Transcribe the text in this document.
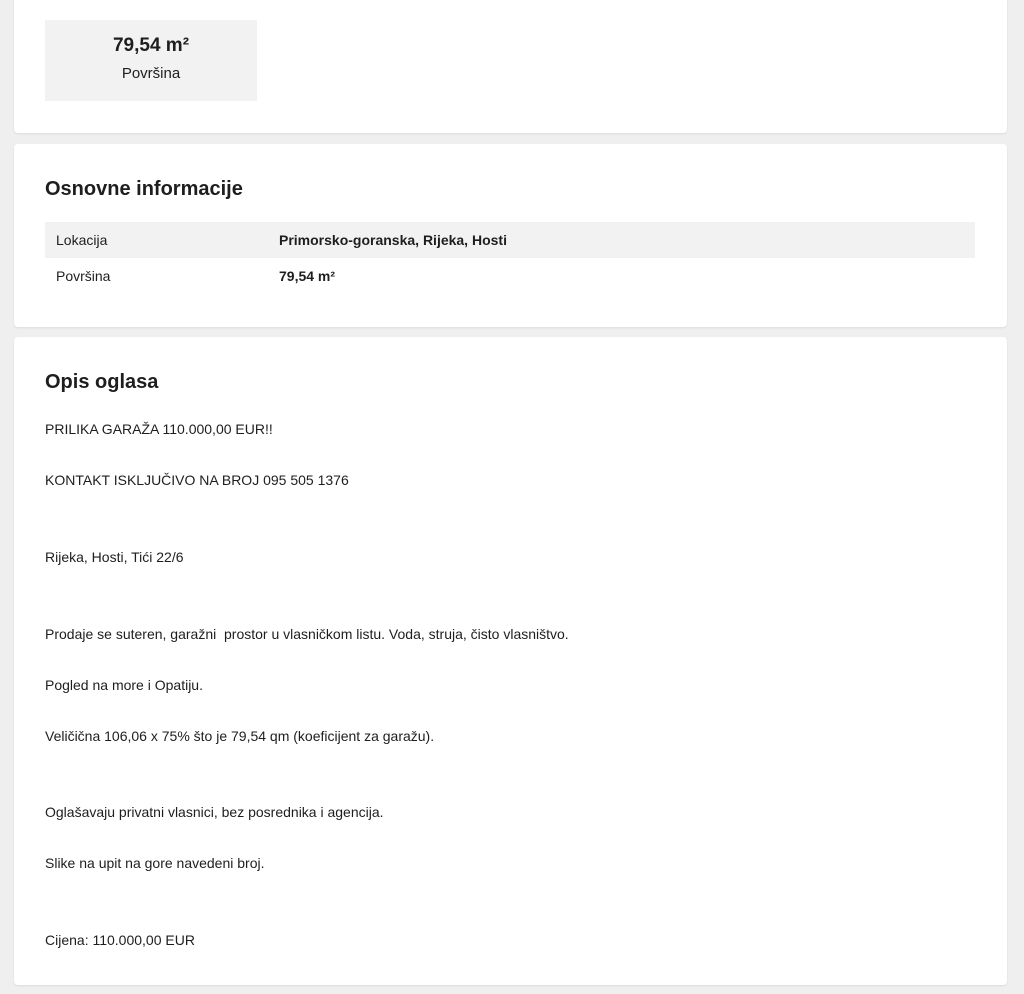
79,54 m²
Površina
Osnovne informacije
Lokacija	Primorsko-goranska, Rijeka, Hosti
Površina	79,54 m²
Opis oglasa
PRILIKA GARAŽA 110.000,00 EUR!!
KONTAKT ISKLJUČIVO NA BROJ 095 505 1376
Rijeka, Hosti, Tići 22/6
Prodaje se suteren, garažni  prostor u vlasničkom listu. Voda, struja, čisto vlasništvo.
Pogled na more i Opatiju.
Veličična 106,06 x 75% što je 79,54 qm (koeficijent za garažu).
Oglašavaju privatni vlasnici, bez posrednika i agencija.
Slike na upit na gore navedeni broj.
Cijena: 110.000,00 EUR
